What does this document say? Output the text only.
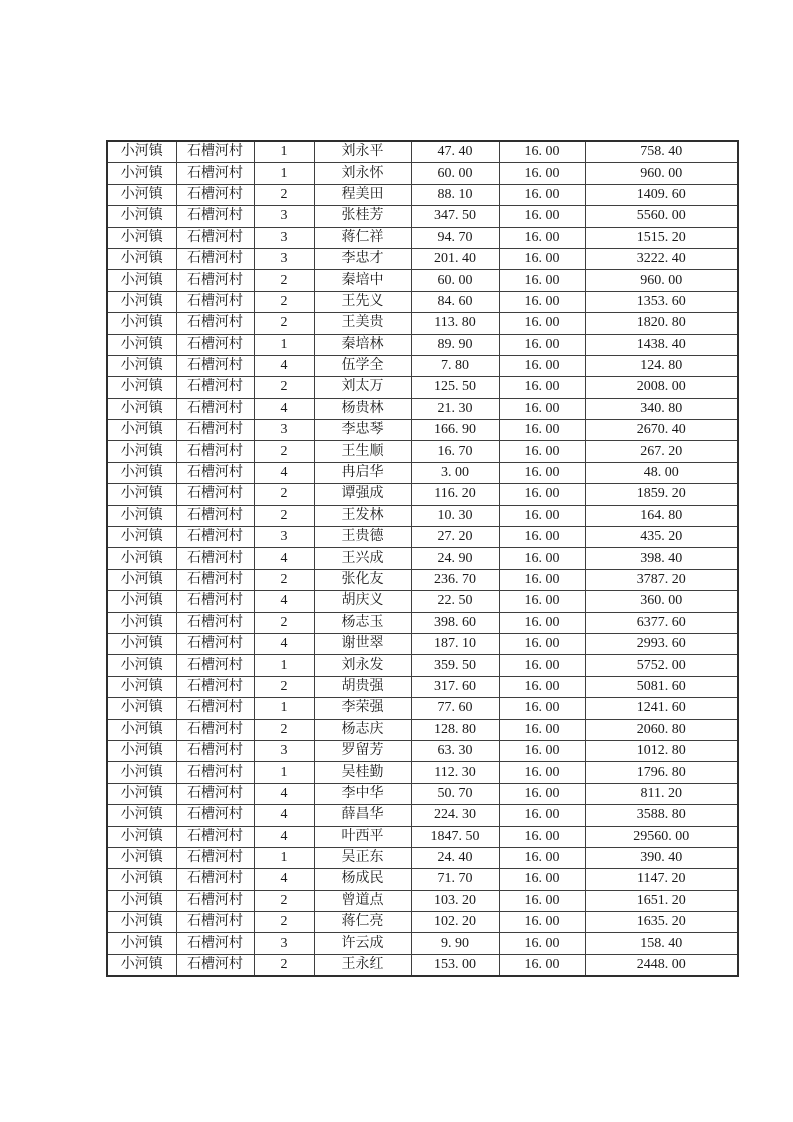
小河镇	石槽河村	1	刘永平	47. 40	16. 00	758. 40
小河镇	石槽河村	1	刘永怀	60. 00	16. 00	960. 00
小河镇	石槽河村	2	程美田	88. 10	16. 00	1409. 60
小河镇	石槽河村	3	张桂芳	347. 50	16. 00	5560. 00
小河镇	石槽河村	3	蒋仁祥	94. 70	16. 00	1515. 20
小河镇	石槽河村	3	李忠才	201. 40	16. 00	3222. 40
小河镇	石槽河村	2	秦培中	60. 00	16. 00	960. 00
小河镇	石槽河村	2	王先义	84. 60	16. 00	1353. 60
小河镇	石槽河村	2	王美贵	113. 80	16. 00	1820. 80
小河镇	石槽河村	1	秦培林	89. 90	16. 00	1438. 40
小河镇	石槽河村	4	伍学全	7. 80	16. 00	124. 80
小河镇	石槽河村	2	刘太万	125. 50	16. 00	2008. 00
小河镇	石槽河村	4	杨贵林	21. 30	16. 00	340. 80
小河镇	石槽河村	3	李忠琴	166. 90	16. 00	2670. 40
小河镇	石槽河村	2	王生顺	16. 70	16. 00	267. 20
小河镇	石槽河村	4	冉启华	3. 00	16. 00	48. 00
小河镇	石槽河村	2	谭强成	116. 20	16. 00	1859. 20
小河镇	石槽河村	2	王发林	10. 30	16. 00	164. 80
小河镇	石槽河村	3	王贵德	27. 20	16. 00	435. 20
小河镇	石槽河村	4	王兴成	24. 90	16. 00	398. 40
小河镇	石槽河村	2	张化友	236. 70	16. 00	3787. 20
小河镇	石槽河村	4	胡庆义	22. 50	16. 00	360. 00
小河镇	石槽河村	2	杨志玉	398. 60	16. 00	6377. 60
小河镇	石槽河村	4	谢世翠	187. 10	16. 00	2993. 60
小河镇	石槽河村	1	刘永发	359. 50	16. 00	5752. 00
小河镇	石槽河村	2	胡贵强	317. 60	16. 00	5081. 60
小河镇	石槽河村	1	李荣强	77. 60	16. 00	1241. 60
小河镇	石槽河村	2	杨志庆	128. 80	16. 00	2060. 80
小河镇	石槽河村	3	罗留芳	63. 30	16. 00	1012. 80
小河镇	石槽河村	1	吴桂勤	112. 30	16. 00	1796. 80
小河镇	石槽河村	4	李中华	50. 70	16. 00	811. 20
小河镇	石槽河村	4	薛昌华	224. 30	16. 00	3588. 80
小河镇	石槽河村	4	叶西平	1847. 50	16. 00	29560. 00
小河镇	石槽河村	1	吴正东	24. 40	16. 00	390. 40
小河镇	石槽河村	4	杨成民	71. 70	16. 00	1147. 20
小河镇	石槽河村	2	曾道点	103. 20	16. 00	1651. 20
小河镇	石槽河村	2	蒋仁亮	102. 20	16. 00	1635. 20
小河镇	石槽河村	3	许云成	9. 90	16. 00	158. 40
小河镇	石槽河村	2	王永红	153. 00	16. 00	2448. 00
